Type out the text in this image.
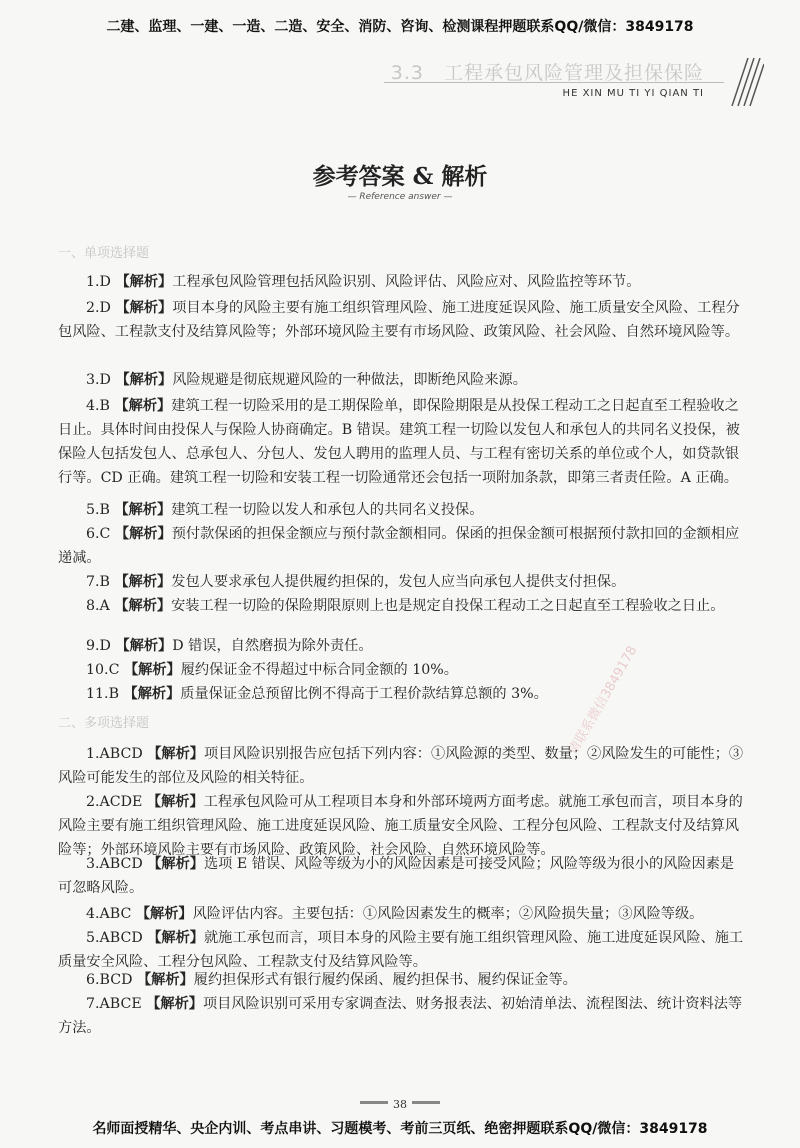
二建、监理、一建、一造、二造、安全、消防、咨询、检测课程押题联系QQ/微信：3849178
3.3　工程承包风险管理及担保保险
HE XIN MU TI YI QIAN TI
参考答案 & 解析
— Reference answer —
一、单项选择题
1.D 【解析】工程承包风险管理包括风险识别、风险评估、风险应对、风险监控等环节。
2.D 【解析】项目本身的风险主要有施工组织管理风险、施工进度延误风险、施工质量安全风险、工程分包风险、工程款支付及结算风险等；外部环境风险主要有市场风险、政策风险、社会风险、自然环境风险等。
3.D 【解析】风险规避是彻底规避风险的一种做法，即断绝风险来源。
4.B 【解析】建筑工程一切险采用的是工期保险单，即保险期限是从投保工程动工之日起直至工程验收之日止。具体时间由投保人与保险人协商确定。B 错误。建筑工程一切险以发包人和承包人的共同名义投保，被保险人包括发包人、总承包人、分包人、发包人聘用的监理人员、与工程有密切关系的单位或个人，如贷款银行等。CD 正确。建筑工程一切险和安装工程一切险通常还会包括一项附加条款，即第三者责任险。A 正确。
5.B 【解析】建筑工程一切险以发人和承包人的共同名义投保。
6.C 【解析】预付款保函的担保金额应与预付款金额相同。保函的担保金额可根据预付款扣回的金额相应递减。
7.B 【解析】发包人要求承包人提供履约担保的，发包人应当向承包人提供支付担保。
8.A 【解析】安装工程一切险的保险期限原则上也是规定自投保工程动工之日起直至工程验收之日止。
9.D 【解析】D 错误，自然磨损为除外责任。
10.C 【解析】履约保证金不得超过中标合同金额的 10%。
11.B 【解析】质量保证金总预留比例不得高于工程价款结算总额的 3%。
二、多项选择题
1.ABCD 【解析】项目风险识别报告应包括下列内容：①风险源的类型、数量；②风险发生的可能性；③风险可能发生的部位及风险的相关特征。
2.ACDE 【解析】工程承包风险可从工程项目本身和外部环境两方面考虑。就施工承包而言，项目本身的风险主要有施工组织管理风险、施工进度延误风险、施工质量安全风险、工程分包风险、工程款支付及结算风险等；外部环境风险主要有市场风险、政策风险、社会风险、自然环境风险等。
3.ABCD 【解析】选项 E 错误、风险等级为小的风险因素是可接受风险；风险等级为很小的风险因素是可忽略风险。
4.ABC 【解析】风险评估内容。主要包括：①风险因素发生的概率；②风险损失量；③风险等级。
5.ABCD 【解析】就施工承包而言，项目本身的风险主要有施工组织管理风险、施工进度延误风险、施工质量安全风险、工程分包风险、工程款支付及结算风险等。
6.BCD 【解析】履约担保形式有银行履约保函、履约担保书、履约保证金等。
7.ABCE 【解析】项目风险识别可采用专家调查法、财务报表法、初始清单法、流程图法、统计资料法等方法。
请联系微信3849178
38
名师面授精华、央企内训、考点串讲、习题模考、考前三页纸、绝密押题联系QQ/微信：3849178
